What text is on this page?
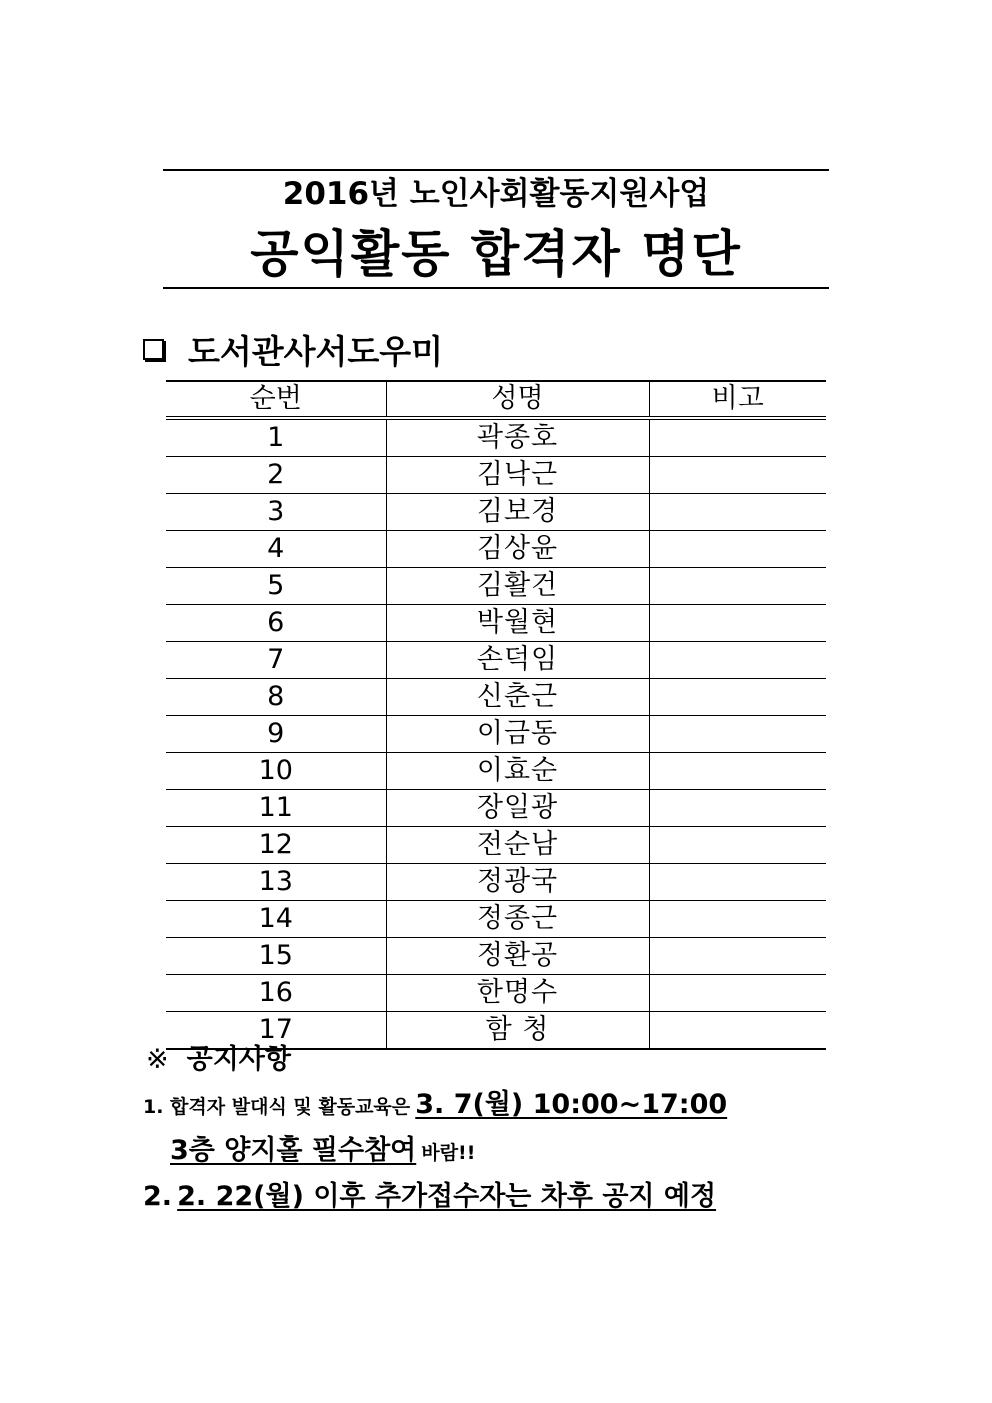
2016년 노인사회활동지원사업
공익활동 합격자 명단
도서관사서도우미
순번	성명	비고
1	곽종호	
2	김낙근	
3	김보경	
4	김상윤	
5	김활건	
6	박월현	
7	손덕임	
8	신춘근	
9	이금동	
10	이효순	
11	장일광	
12	전순남	
13	정광국	
14	정종근	
15	정환공	
16	한명수	
17	함 청	
※ 공지사항
1. 합격자 발대식 및 활동교육은 3. 7(월) 10:00~17:00
3층 양지홀 필수참여 바람!!
2. 2. 22(월) 이후 추가접수자는 차후 공지 예정
